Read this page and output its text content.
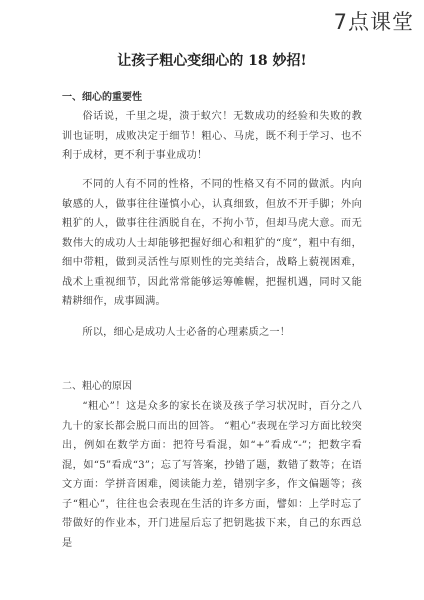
7点课堂
让孩子粗心变细心的 18 妙招!
一、细心的重要性

俗话说，千里之堤，溃于蚁穴！无数成功的经验和失败的教训也证明，成败决定于细节！粗心、马虎，既不利于学习、也不利于成材，更不利于事业成功！

不同的人有不同的性格，不同的性格又有不同的做派。内向敏感的人，做事往往谨慎小心，认真细致，但放不开手脚；外向粗犷的人，做事往往洒脱自在，不拘小节，但却马虎大意。而无数伟大的成功人士却能够把握好细心和粗犷的“度”，粗中有细，细中带粗，做到灵活性与原则性的完美结合，战略上藐视困难，战术上重视细节，因此常常能够运筹帷幄，把握机遇，同时又能精耕细作，成事圆满。

所以，细心是成功人士必备的心理素质之一！

二、粗心的原因

“粗心”！这是众多的家长在谈及孩子学习状况时，百分之八九十的家长都会脱口而出的回答。 “粗心”表现在学习方面比较突出，例如在数学方面：把符号看混，如“+”看成“-”；把数字看混，如“5”看成“3”；忘了写答案，抄错了题，数错了数等；在语文方面：学拼音困难，阅读能力差，错别字多，作文偏题等；孩子“粗心”，往往也会表现在生活的许多方面，譬如：上学时忘了带做好的作业本，开门进屋后忘了把钥匙拔下来，自己的东西总是
